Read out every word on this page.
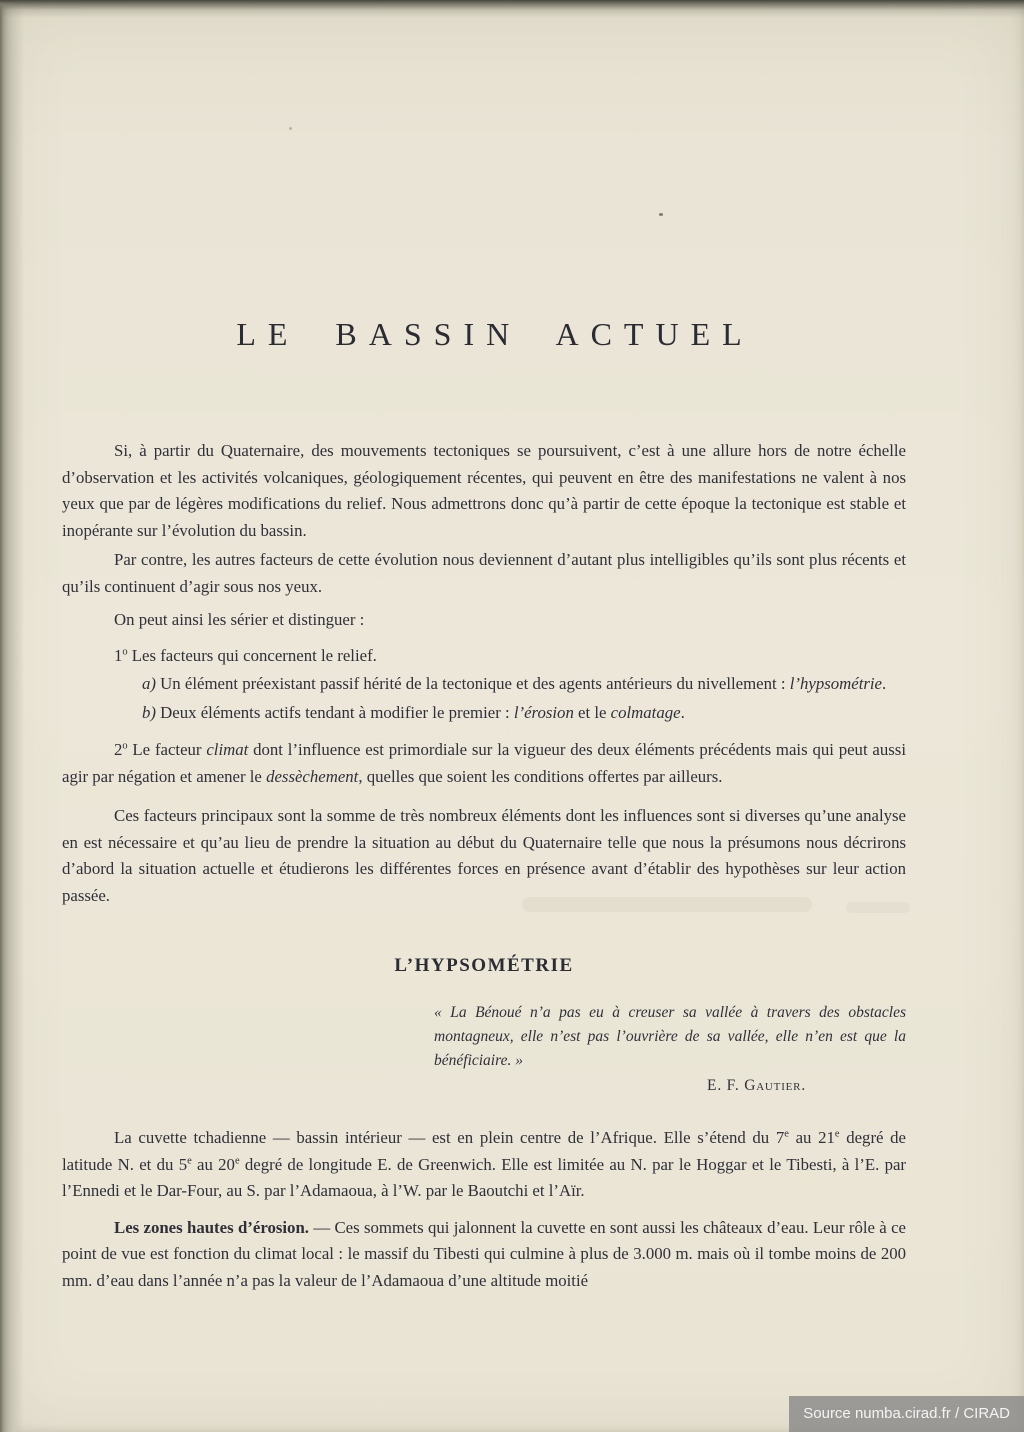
LE BASSIN ACTUEL

Si, à partir du Quaternaire, des mouvements tectoniques se poursuivent, c’est à une allure hors de notre échelle d’observation et les activités volcaniques, géologiquement récentes, qui peuvent en être des manifestations ne valent à nos yeux que par de légères modifications du relief. Nous admettrons donc qu’à partir de cette époque la tectonique est stable et inopérante sur l’évolution du bassin.

Par contre, les autres facteurs de cette évolution nous deviennent d’autant plus intelligibles qu’ils sont plus récents et qu’ils continuent d’agir sous nos yeux.

On peut ainsi les sérier et distinguer :

1$^o$ Les facteurs qui concernent le relief.

a) Un élément préexistant passif hérité de la tectonique et des agents antérieurs du nivellement : l’hypsométrie.

b) Deux éléments actifs tendant à modifier le premier : l’érosion et le colmatage.

2$^o$ Le facteur climat dont l’influence est primordiale sur la vigueur des deux éléments précédents mais qui peut aussi agir par négation et amener le dessèchement, quelles que soient les conditions offertes par ailleurs.

Ces facteurs principaux sont la somme de très nombreux éléments dont les influences sont si diverses qu’une analyse en est nécessaire et qu’au lieu de prendre la situation au début du Quaternaire telle que nous la présumons nous décrirons d’abord la situation actuelle et étudierons les différentes forces en présence avant d’établir des hypothèses sur leur action passée.

L’HYPSOMÉTRIE
« La Bénoué n’a pas eu à creuser sa vallée à travers des obstacles montagneux, elle n’est pas l’ouvrière de sa vallée, elle n’en est que la bénéficiaire. »
E. F. Gautier.

La cuvette tchadienne — bassin intérieur — est en plein centre de l’Afrique. Elle s’étend du 7e au 21e degré de latitude N. et du 5e au 20e degré de longitude E. de Greenwich. Elle est limitée au N. par le Hoggar et le Tibesti, à l’E. par l’Ennedi et le Dar-Four, au S. par l’Adamaoua, à l’W. par le Baoutchi et l’Aïr.

Les zones hautes d’érosion. — Ces sommets qui jalonnent la cuvette en sont aussi les châteaux d’eau. Leur rôle à ce point de vue est fonction du climat local : le massif du Tibesti qui culmine à plus de 3.000 m. mais où il tombe moins de 200 mm. d’eau dans l’année n’a pas la valeur de l’Adamaoua d’une altitude moitié

Source numba.cirad.fr / CIRAD
